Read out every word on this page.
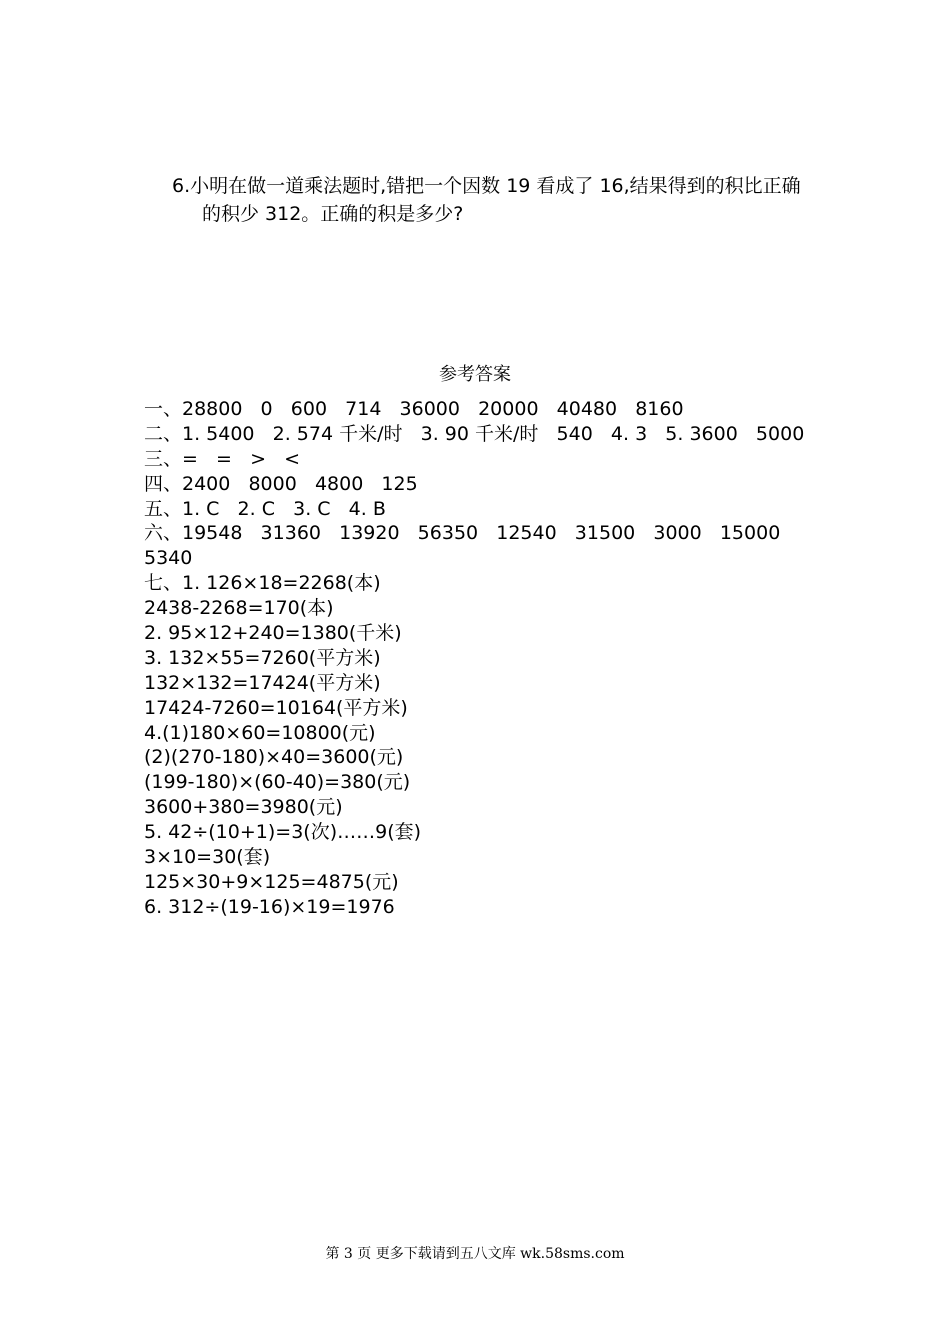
6.小明在做一道乘法题时,错把一个因数 19 看成了 16,结果得到的积比正确
的积少 312。正确的积是多少?
参考答案
一、28800   0   600   714   36000   20000   40480   8160
二、1. 5400   2. 574 千米/时   3. 90 千米/时   540   4. 3   5. 3600   5000
三、=   =   >   <
四、2400   8000   4800   125
五、1. C   2. C   3. C   4. B
六、19548   31360   13920   56350   12540   31500   3000   15000
5340
七、1. 126×18=2268(本)
2438-2268=170(本)
2. 95×12+240=1380(千米)
3. 132×55=7260(平方米)
132×132=17424(平方米)
17424-7260=10164(平方米)
4.(1)180×60=10800(元)
(2)(270-180)×40=3600(元)
(199-180)×(60-40)=380(元)
3600+380=3980(元)
5. 42÷(10+1)=3(次)……9(套)
3×10=30(套)
125×30+9×125=4875(元)
6. 312÷(19-16)×19=1976
第 3 页 更多下载请到五八文库 wk.58sms.com
